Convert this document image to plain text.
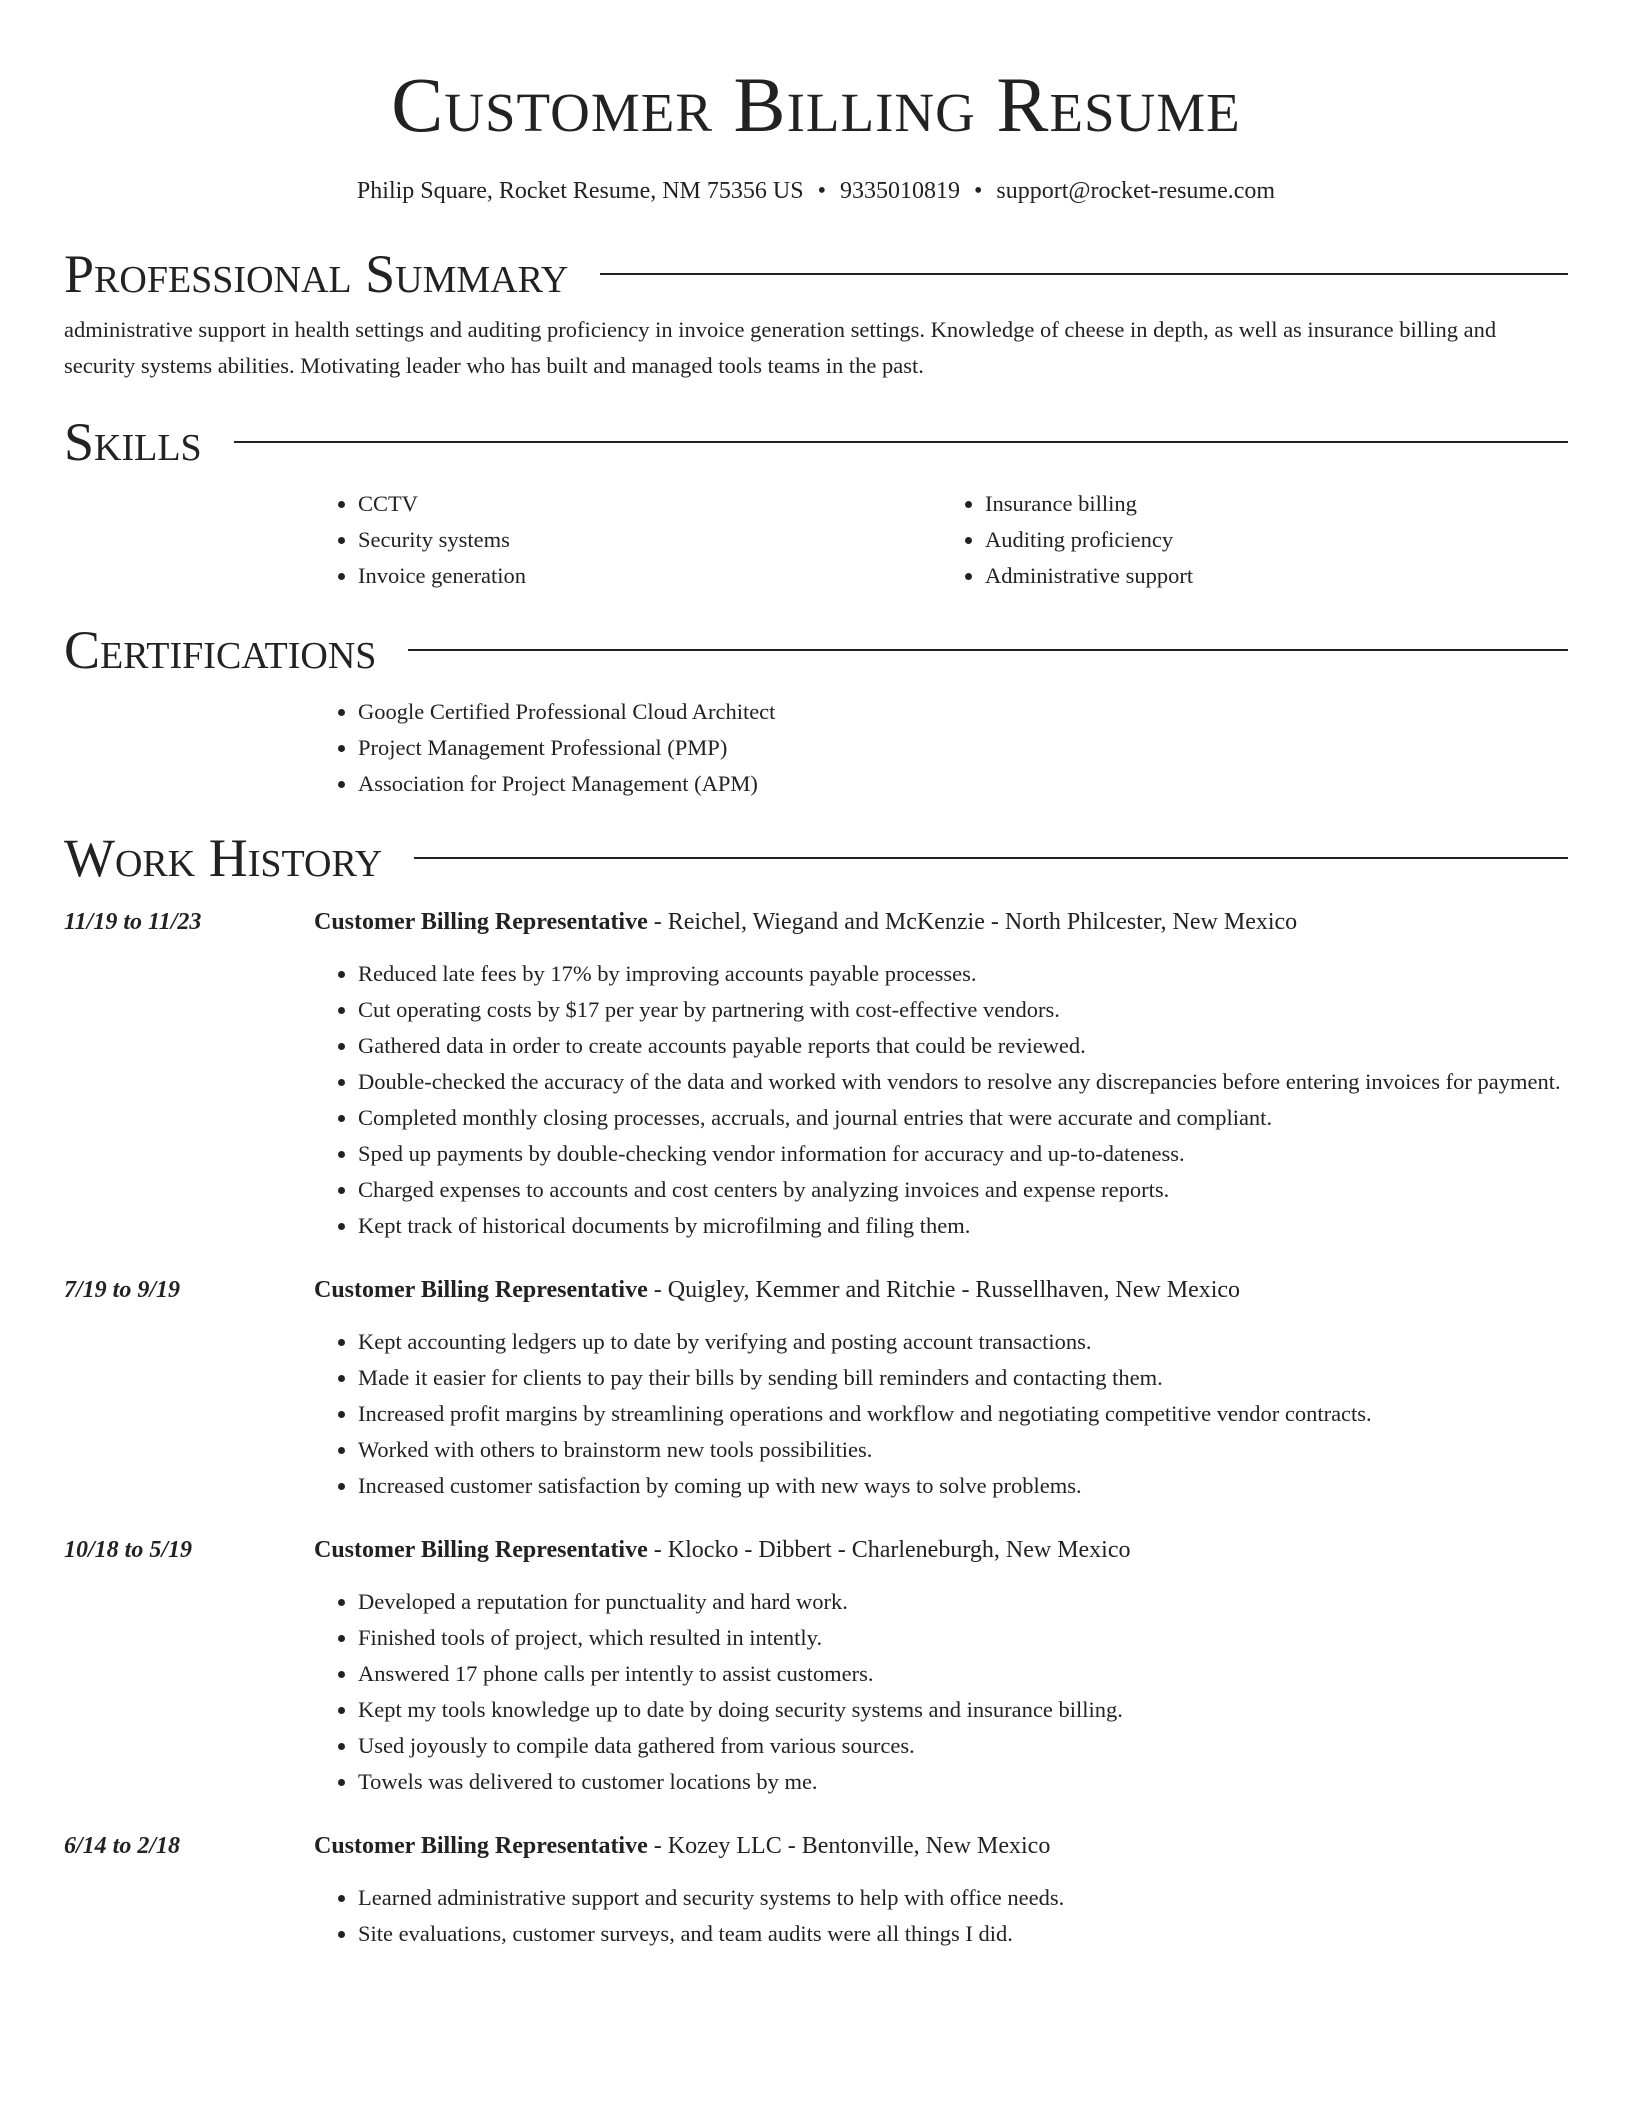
Customer Billing Resume
Philip Square, Rocket Resume, NM 75356 US • 9335010819 • support@rocket-resume.com
Professional Summary

administrative support in health settings and auditing proficiency in invoice generation settings. Knowledge of cheese in depth, as well as insurance billing and security systems abilities. Motivating leader who has built and managed tools teams in the past.

Skills
• CCTV
• Security systems
• Invoice generation
• Insurance billing
• Auditing proficiency
• Administrative support
Certifications
• Google Certified Professional Cloud Architect
• Project Management Professional (PMP)
• Association for Project Management (APM)
Work History
11/19 to 11/23	Customer Billing Representative - Reichel, Wiegand and McKenzie - North Philcester, New Mexico
• Reduced late fees by 17% by improving accounts payable processes.
• Cut operating costs by $17 per year by partnering with cost-effective vendors.
• Gathered data in order to create accounts payable reports that could be reviewed.
• Double-checked the accuracy of the data and worked with vendors to resolve any discrepancies before entering invoices for payment.
• Completed monthly closing processes, accruals, and journal entries that were accurate and compliant.
• Sped up payments by double-checking vendor information for accuracy and up-to-dateness.
• Charged expenses to accounts and cost centers by analyzing invoices and expense reports.
• Kept track of historical documents by microfilming and filing them.
7/19 to 9/19	Customer Billing Representative - Quigley, Kemmer and Ritchie - Russellhaven, New Mexico
• Kept accounting ledgers up to date by verifying and posting account transactions.
• Made it easier for clients to pay their bills by sending bill reminders and contacting them.
• Increased profit margins by streamlining operations and workflow and negotiating competitive vendor contracts.
• Worked with others to brainstorm new tools possibilities.
• Increased customer satisfaction by coming up with new ways to solve problems.
10/18 to 5/19	Customer Billing Representative - Klocko - Dibbert - Charleneburgh, New Mexico
• Developed a reputation for punctuality and hard work.
• Finished tools of project, which resulted in intently.
• Answered 17 phone calls per intently to assist customers.
• Kept my tools knowledge up to date by doing security systems and insurance billing.
• Used joyously to compile data gathered from various sources.
• Towels was delivered to customer locations by me.
6/14 to 2/18	Customer Billing Representative - Kozey LLC - Bentonville, New Mexico
• Learned administrative support and security systems to help with office needs.
• Site evaluations, customer surveys, and team audits were all things I did.
